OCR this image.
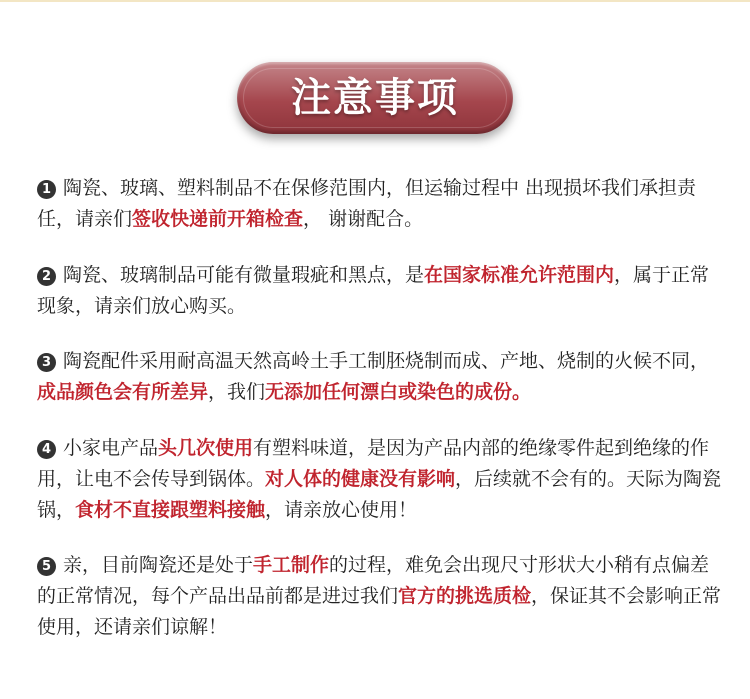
注意事项
1 陶瓷、玻璃、塑料制品不在保修范围内，但运输过程中 出现损坏我们承担责任，请亲们签收快递前开箱检查， 谢谢配合。
2 陶瓷、玻璃制品可能有微量瑕疵和黑点，是在国家标准允许范围内，属于正常现象，请亲们放心购买。
3 陶瓷配件采用耐高温天然高岭土手工制胚烧制而成、产地、烧制的火候不同，成品颜色会有所差异，我们无添加任何漂白或染色的成份。
4 小家电产品头几次使用有塑料味道，是因为产品内部的绝缘零件起到绝缘的作用，让电不会传导到锅体。对人体的健康没有影响，后续就不会有的。天际为陶瓷锅，食材不直接跟塑料接触，请亲放心使用！
5 亲，目前陶瓷还是处于手工制作的过程，难免会出现尺寸形状大小稍有点偏差的正常情况，每个产品出品前都是进过我们官方的挑选质检，保证其不会影响正常使用，还请亲们谅解！
